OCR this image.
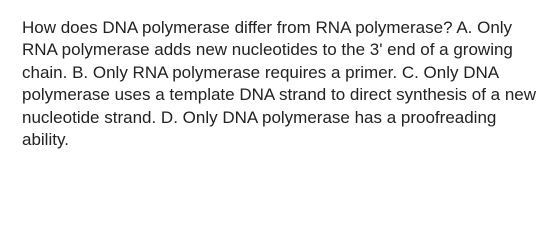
How does DNA polymerase differ from RNA polymerase? A. Only RNA polymerase adds new nucleotides to the 3' end of a growing chain. B. Only RNA polymerase requires a primer. C. Only DNA polymerase uses a template DNA strand to direct synthesis of a new nucleotide strand. D. Only DNA polymerase has a proofreading ability.
